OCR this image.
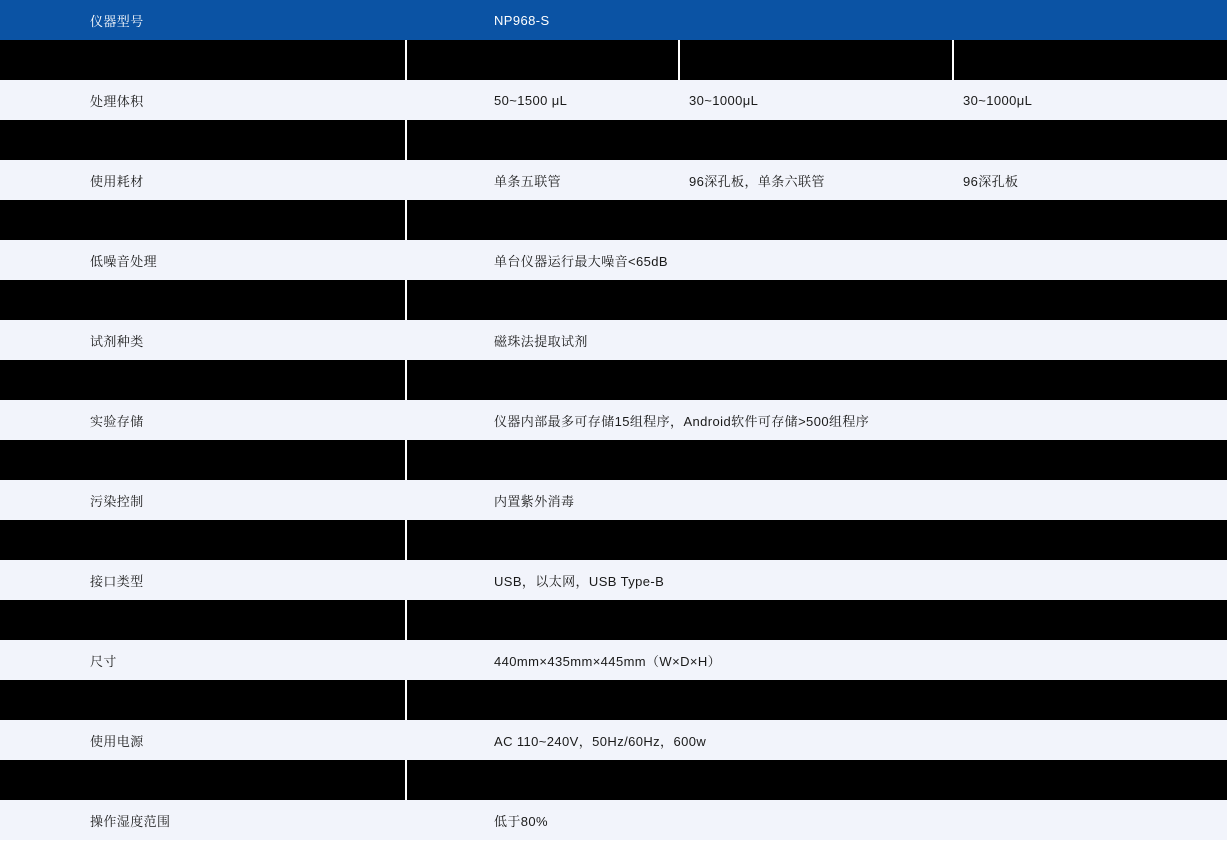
仪器型号	NP968-S		

处理体积	50~1500 μL	30~1000μL	30~1000μL

使用耗材	单条五联管	96深孔板，单条六联管	96深孔板

低噪音处理	单台仪器运行最大噪音<65dB		

试剂种类	磁珠法提取试剂		

实验存储	仪器内部最多可存储15组程序，Android软件可存储>500组程序		

污染控制	内置紫外消毒		

接口类型	USB，以太网，USB Type-B		

尺寸	440mm×435mm×445mm（W×D×H）		

使用电源	AC 110~240V，50Hz/60Hz，600w		

操作湿度范围	低于80%		
